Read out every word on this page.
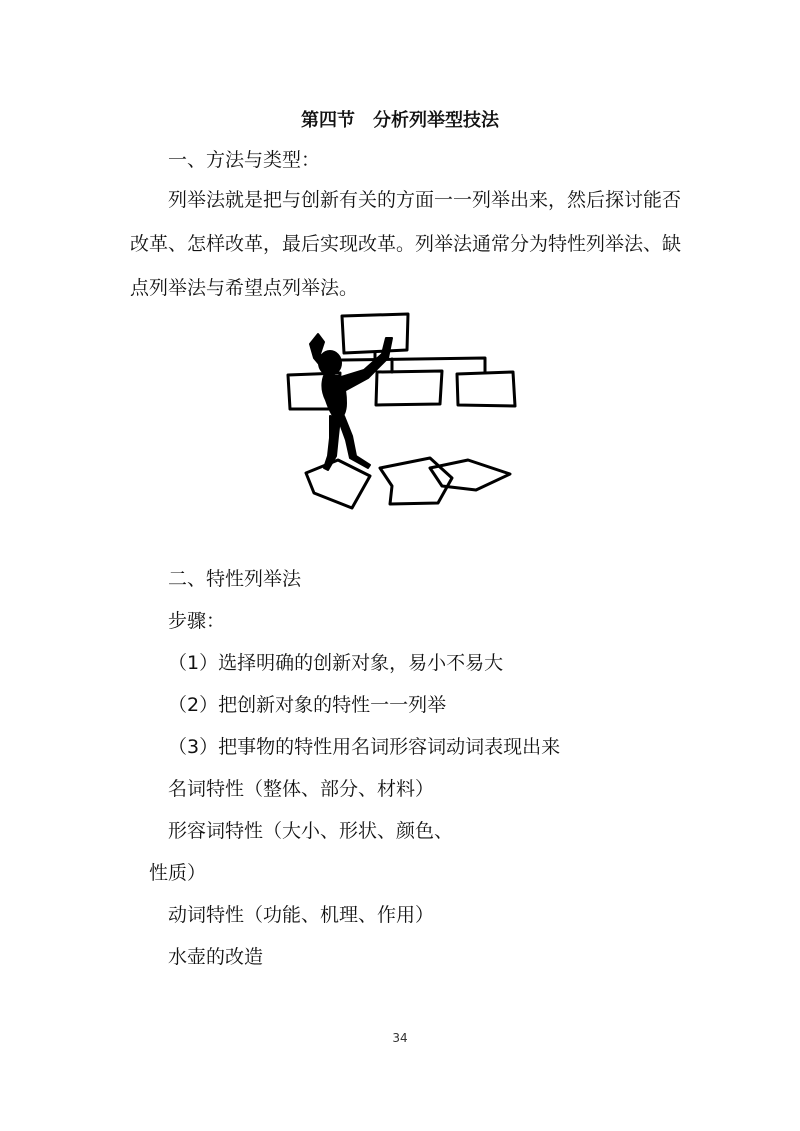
第四节　分析列举型技法
一、方法与类型：
列举法就是把与创新有关的方面一一列举出来，然后探讨能否改革、怎样改革，最后实现改革。列举法通常分为特性列举法、缺点列举法与希望点列举法。
二、特性列举法
步骤：
（1）选择明确的创新对象，易小不易大
（2）把创新对象的特性一一列举
（3）把事物的特性用名词形容词动词表现出来
名词特性（整体、部分、材料）
形容词特性（大小、形状、颜色、
性质）
动词特性（功能、机理、作用）
水壶的改造
34
